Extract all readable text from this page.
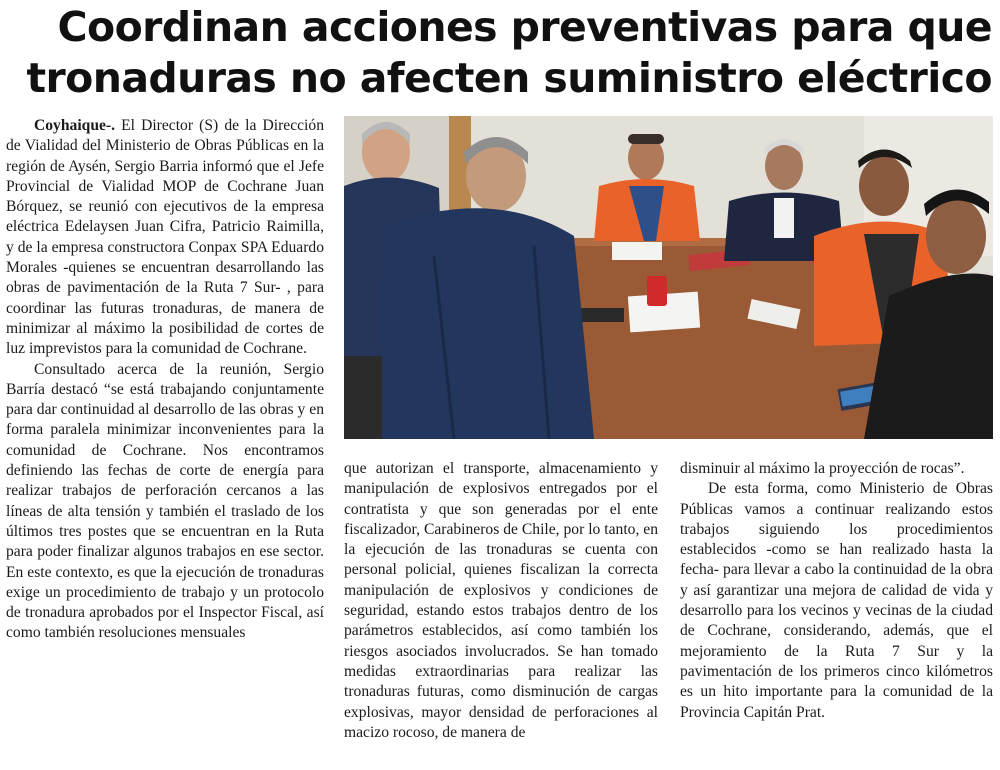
Coordinan acciones preventivas para que
tronaduras no afecten suministro eléctrico

Coyhaique-. El Director (S) de la Dirección de Vialidad del Ministerio de Obras Públicas en la región de Aysén, Sergio Barria informó que el Jefe Provincial de Vialidad MOP de Cochrane Juan Bórquez, se reunió con ejecutivos de la empresa eléctrica Edelaysen Juan Cifra, Patricio Raimilla, y de la empresa constructora Conpax SPA Eduardo Morales -quienes se encuentran desarrollando las obras de pavimentación de la Ruta 7 Sur- , para coordinar las futuras tronaduras, de manera de minimizar al máximo la posibilidad de cortes de luz imprevistos para la comunidad de Cochrane.

Consultado acerca de la reunión, Sergio Barría destacó “se está trabajando conjuntamente para dar continuidad al desarrollo de las obras y en forma paralela minimizar inconvenientes para la comunidad de Cochrane. Nos encontramos definiendo las fechas de corte de energía para realizar trabajos de perforación cercanos a las líneas de alta tensión y también el traslado de los últimos tres postes que se encuentran en la Ruta para poder finalizar algunos trabajos en ese sector. En este contexto, es que la ejecución de tronaduras exige un procedimiento de trabajo y un protocolo de tronadura aprobados por el Inspector Fiscal, así como también resoluciones mensuales

que autorizan el transporte, almacenamiento y manipulación de explosivos entregados por el contratista y que son generadas por el ente fiscalizador, Carabineros de Chile, por lo tanto, en la ejecución de las tronaduras se cuenta con personal policial, quienes fiscalizan la correcta manipulación de explosivos y condiciones de seguridad, estando estos trabajos dentro de los parámetros establecidos, así como también los riesgos asociados involucrados. Se han tomado medidas extraordinarias para realizar las tronaduras futuras, como disminución de cargas explosivas, mayor densidad de perforaciones al macizo rocoso, de manera de

disminuir al máximo la proyección de rocas”.

De esta forma, como Ministerio de Obras Públicas vamos a continuar realizando estos trabajos siguiendo los procedimientos establecidos -como se han realizado hasta la fecha- para llevar a cabo la continuidad de la obra y así garantizar una mejora de calidad de vida y desarrollo para los vecinos y vecinas de la ciudad de Cochrane, considerando, además, que el mejoramiento de la Ruta 7 Sur y la pavimentación de los primeros cinco kilómetros es un hito importante para la comunidad de la Provincia Capitán Prat.
